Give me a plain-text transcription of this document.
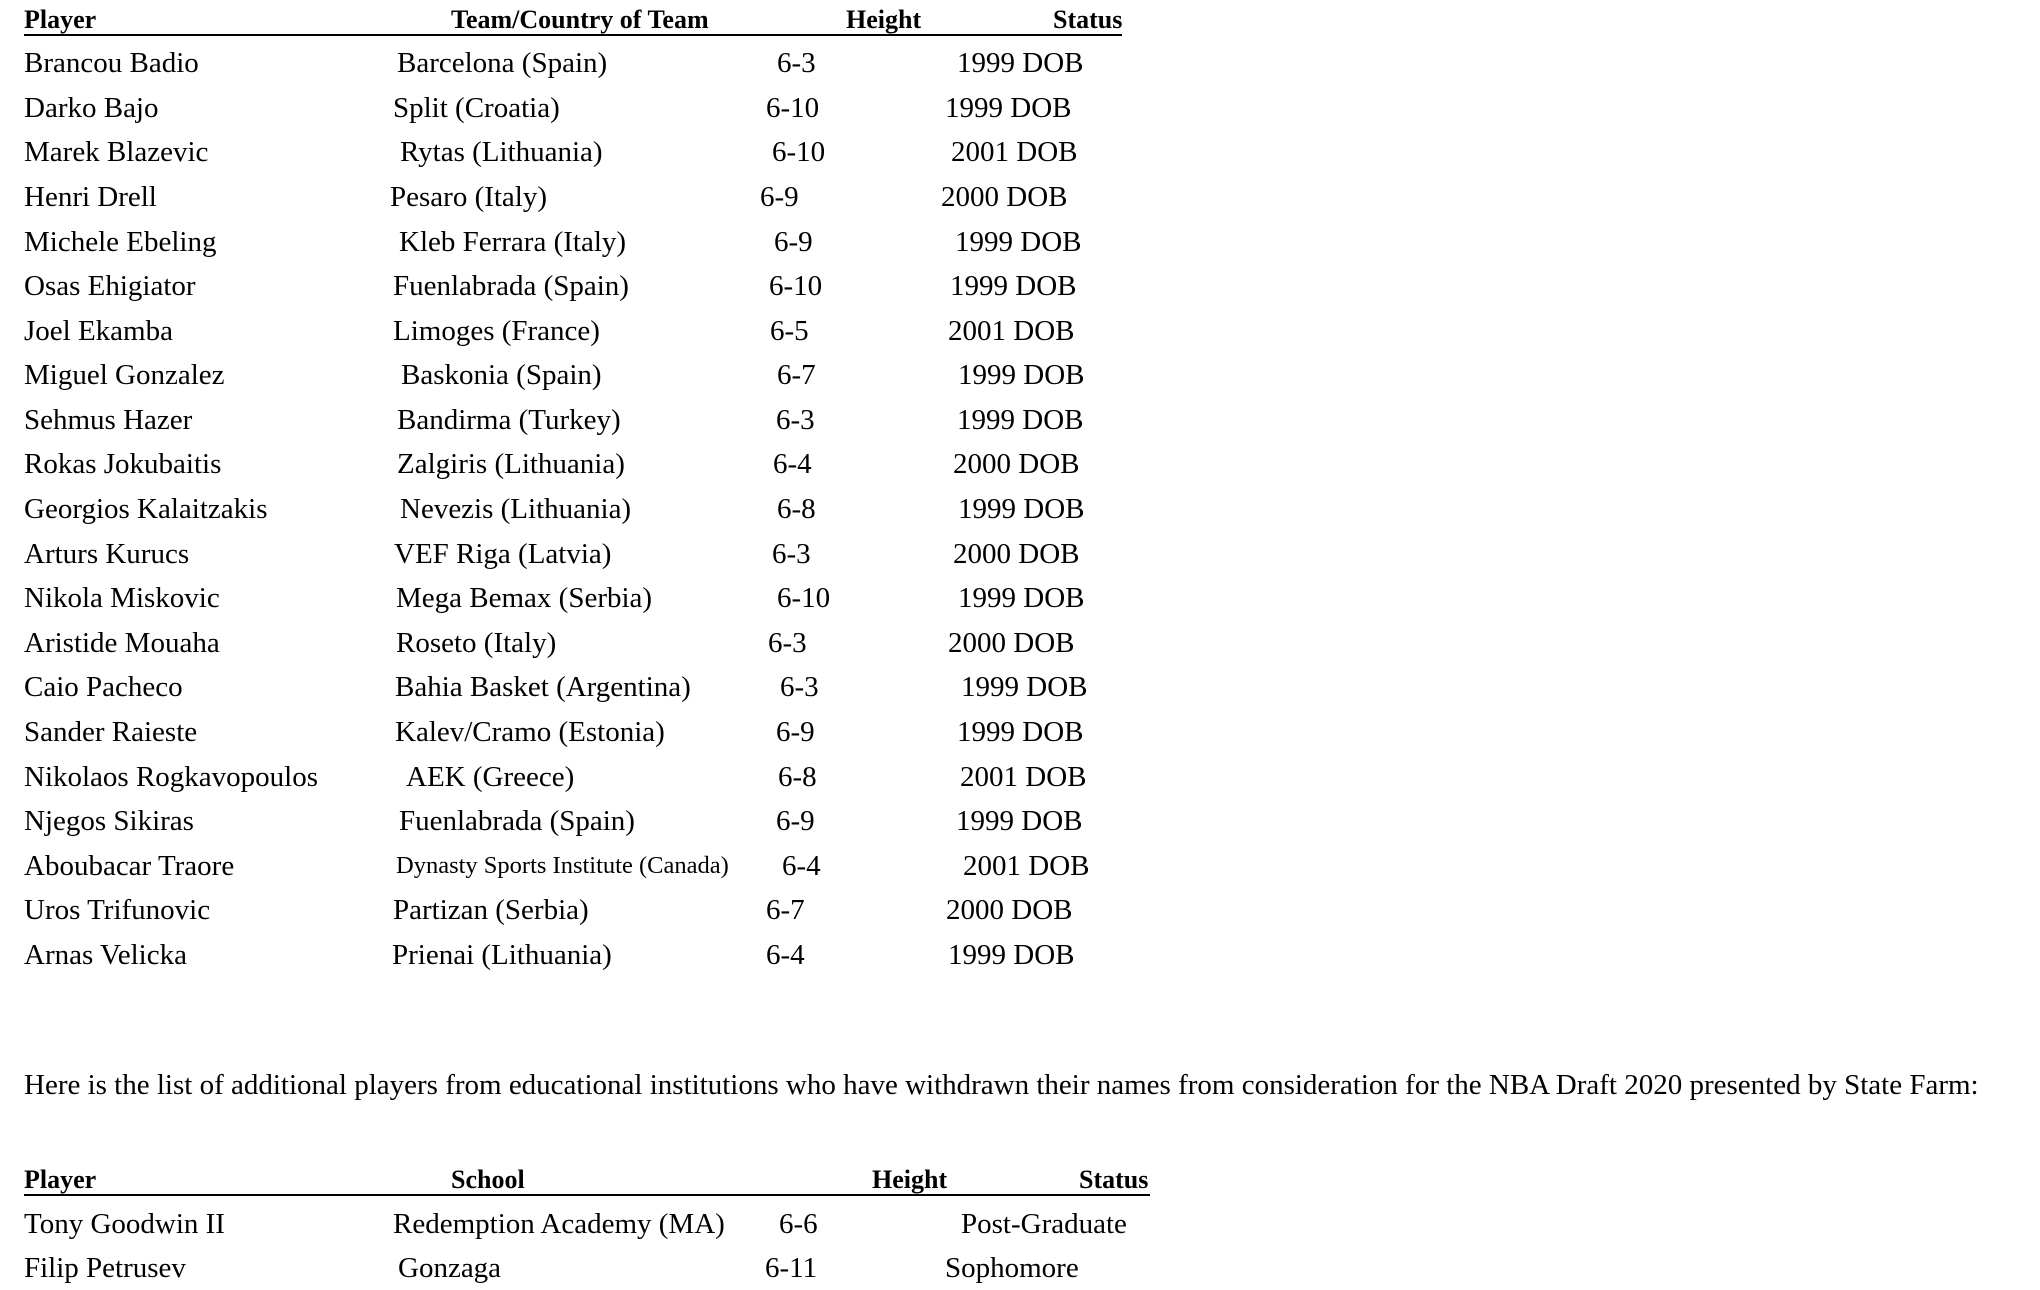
Player	Team/Country of Team	Height	Status
Brancou Badio	Barcelona (Spain)	6-3	1999 DOB
Darko Bajo	Split (Croatia)	6-10	1999 DOB
Marek Blazevic	Rytas (Lithuania)	6-10	2001 DOB
Henri Drell	Pesaro (Italy)	6-9	2000 DOB
Michele Ebeling	Kleb Ferrara (Italy)	6-9	1999 DOB
Osas Ehigiator	Fuenlabrada (Spain)	6-10	1999 DOB
Joel Ekamba	Limoges (France)	6-5	2001 DOB
Miguel Gonzalez	Baskonia (Spain)	6-7	1999 DOB
Sehmus Hazer	Bandirma (Turkey)	6-3	1999 DOB
Rokas Jokubaitis	Zalgiris (Lithuania)	6-4	2000 DOB
Georgios Kalaitzakis	Nevezis (Lithuania)	6-8	1999 DOB
Arturs Kurucs	VEF Riga (Latvia)	6-3	2000 DOB
Nikola Miskovic	Mega Bemax (Serbia)	6-10	1999 DOB
Aristide Mouaha	Roseto (Italy)	6-3	2000 DOB
Caio Pacheco	Bahia Basket (Argentina)	6-3	1999 DOB
Sander Raieste	Kalev/Cramo (Estonia)	6-9	1999 DOB
Nikolaos Rogkavopoulos	AEK (Greece)	6-8	2001 DOB
Njegos Sikiras	Fuenlabrada (Spain)	6-9	1999 DOB
Aboubacar Traore	Dynasty Sports Institute (Canada) 6-4	2001 DOB
Uros Trifunovic	Partizan (Serbia)	6-7	2000 DOB
Arnas Velicka	Prienai (Lithuania)	6-4	1999 DOB
Here is the list of additional players from educational institutions who have withdrawn their names from consideration for the NBA Draft 2020 presented by State Farm:
Player	School	Height	Status
Tony Goodwin II	Redemption Academy (MA) 6-6	Post-Graduate
Filip Petrusev	Gonzaga	6-11	Sophomore
